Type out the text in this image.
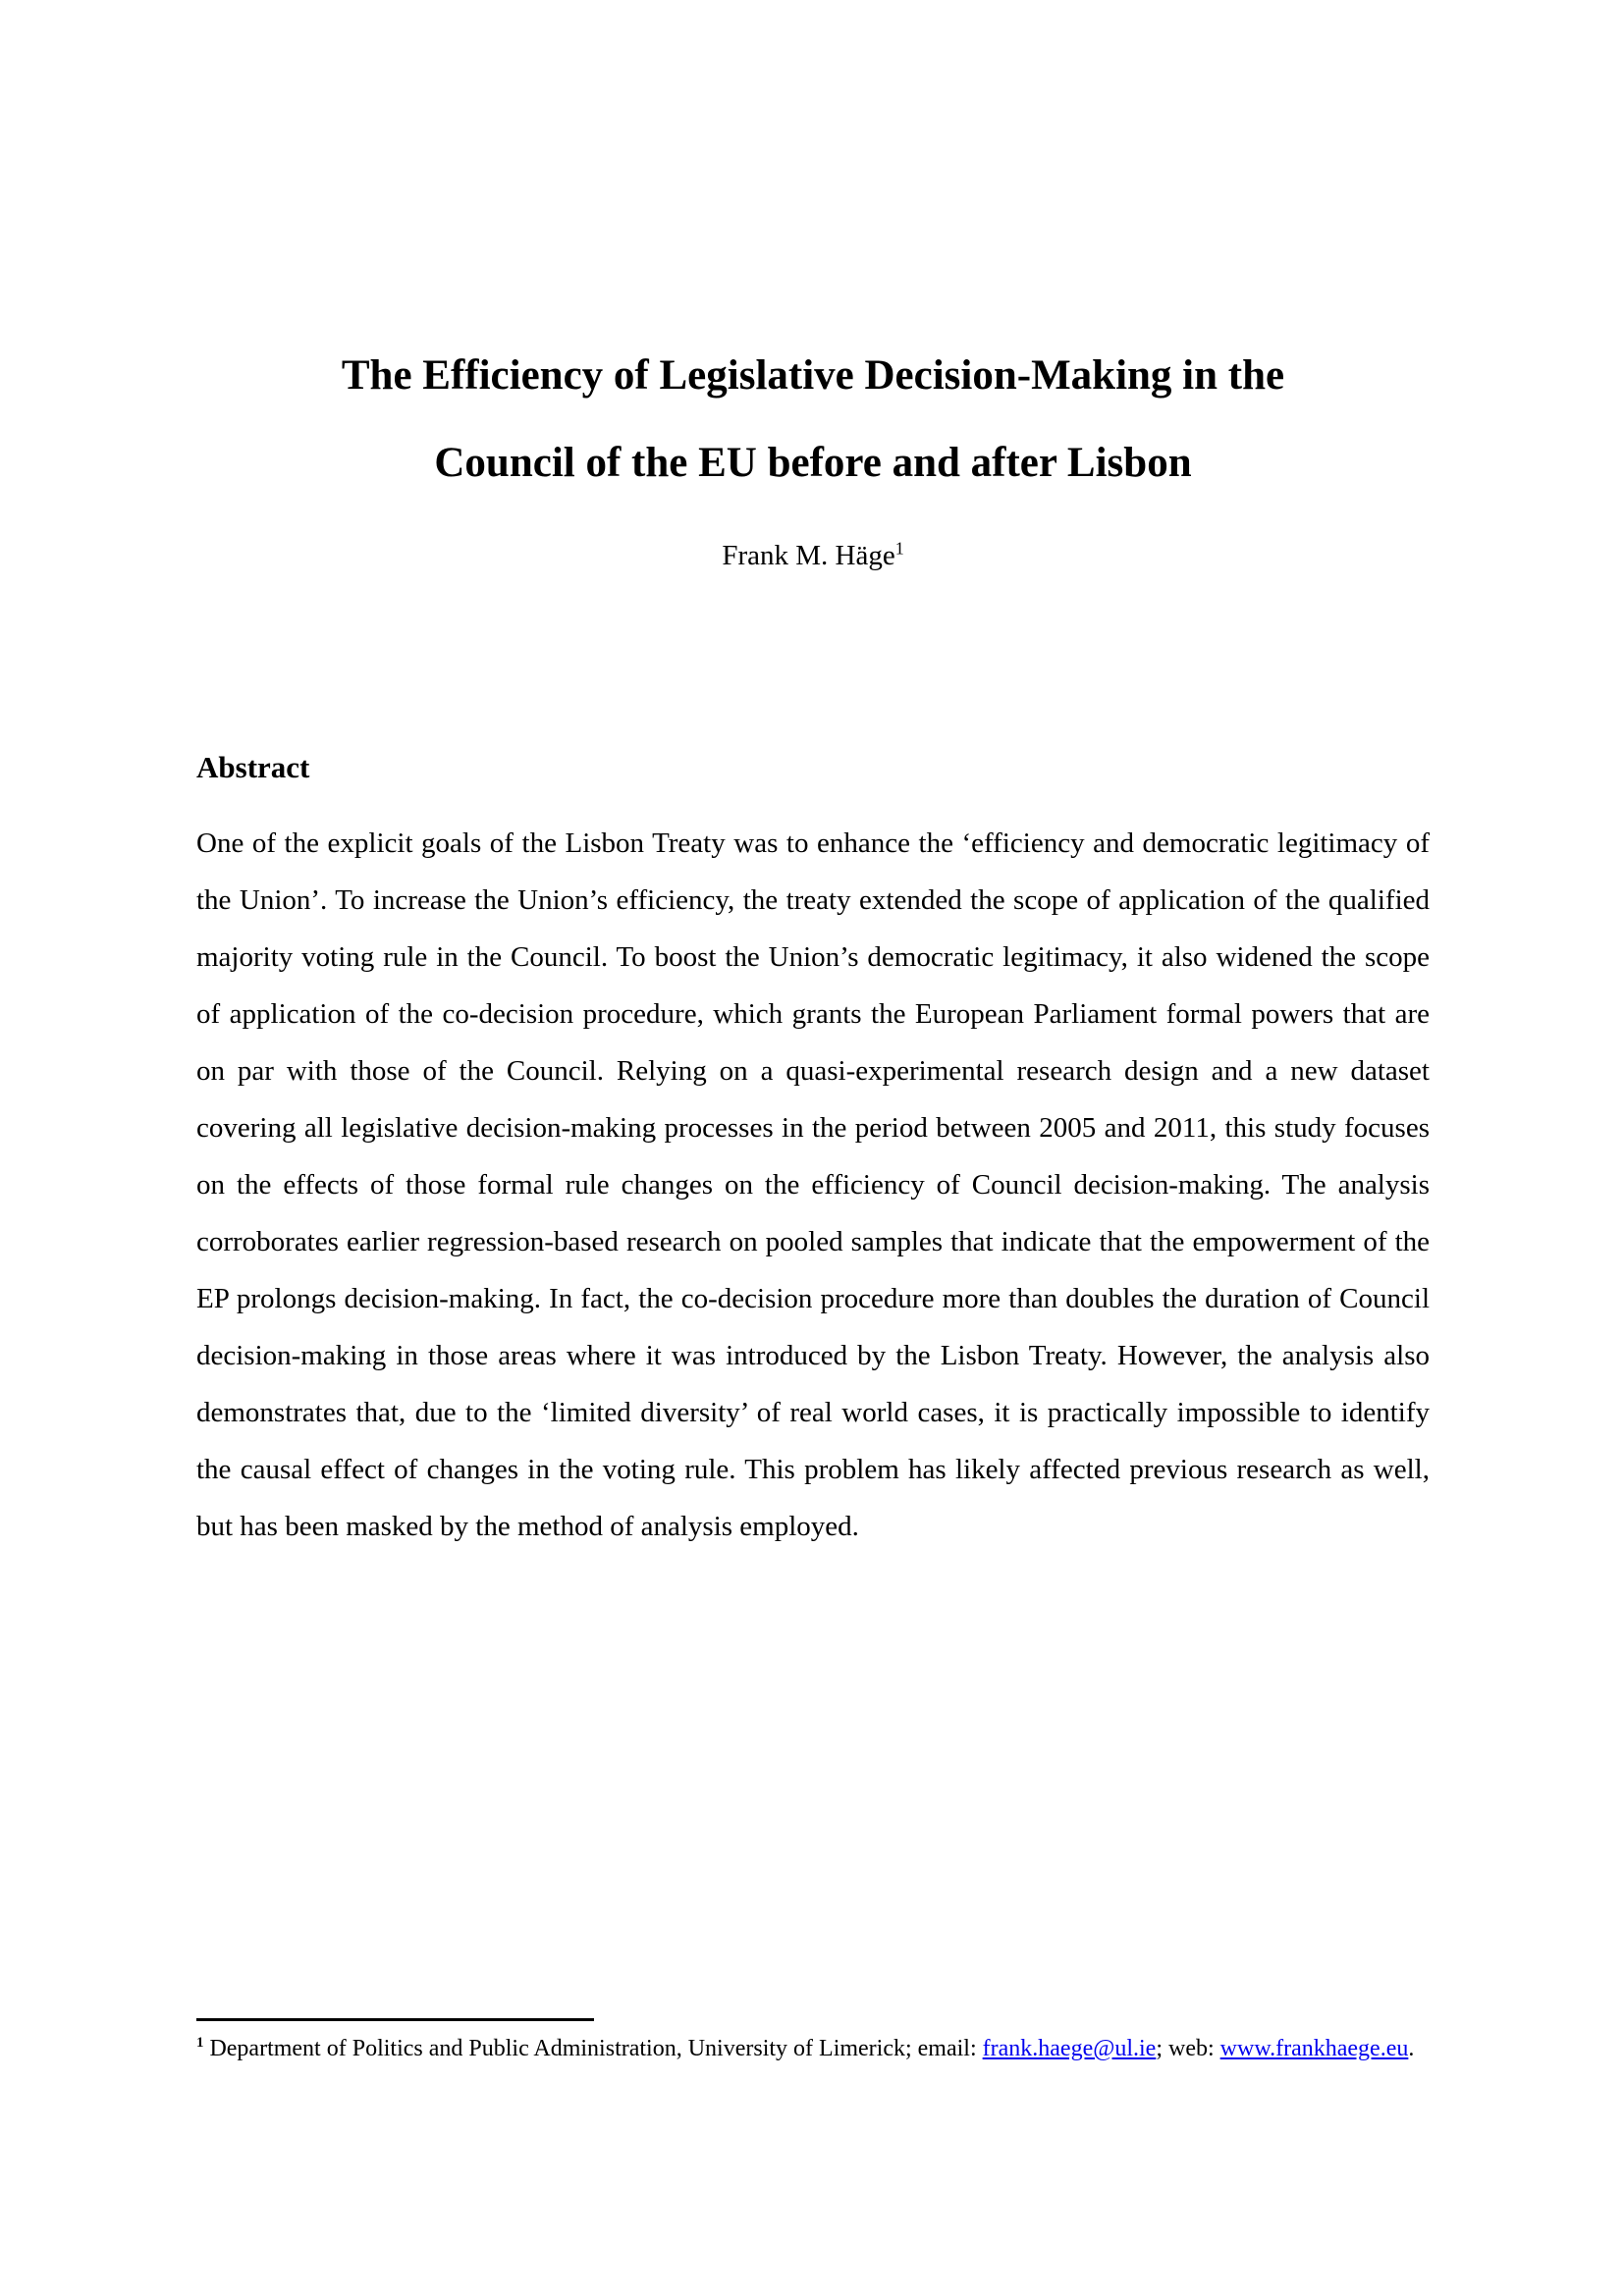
The Efficiency of Legislative Decision-Making in the
Council of the EU before and after Lisbon
Frank M. Häge$^1$
Abstract

One of the explicit goals of the Lisbon Treaty was to enhance the ‘efficiency and democratic legitimacy of the Union’. To increase the Union’s efficiency, the treaty extended the scope of application of the qualified majority voting rule in the Council. To boost the Union’s democratic legitimacy, it also widened the scope of application of the co-decision procedure, which grants the European Parliament formal powers that are on par with those of the Council. Relying on a quasi-experimental research design and a new dataset covering all legislative decision-making processes in the period between 2005 and 2011, this study focuses on the effects of those formal rule changes on the efficiency of Council decision-making. The analysis corroborates earlier regression-based research on pooled samples that indicate that the empowerment of the EP prolongs decision-making. In fact, the co-decision procedure more than doubles the duration of Council decision-making in those areas where it was introduced by the Lisbon Treaty. However, the analysis also demonstrates that, due to the ‘limited diversity’ of real world cases, it is practically impossible to identify the causal effect of changes in the voting rule. This problem has likely affected previous research as well, but has been masked by the method of analysis employed.

$^1$ Department of Politics and Public Administration, University of Limerick; email: frank.haege@ul.ie; web: www.frankhaege.eu.
